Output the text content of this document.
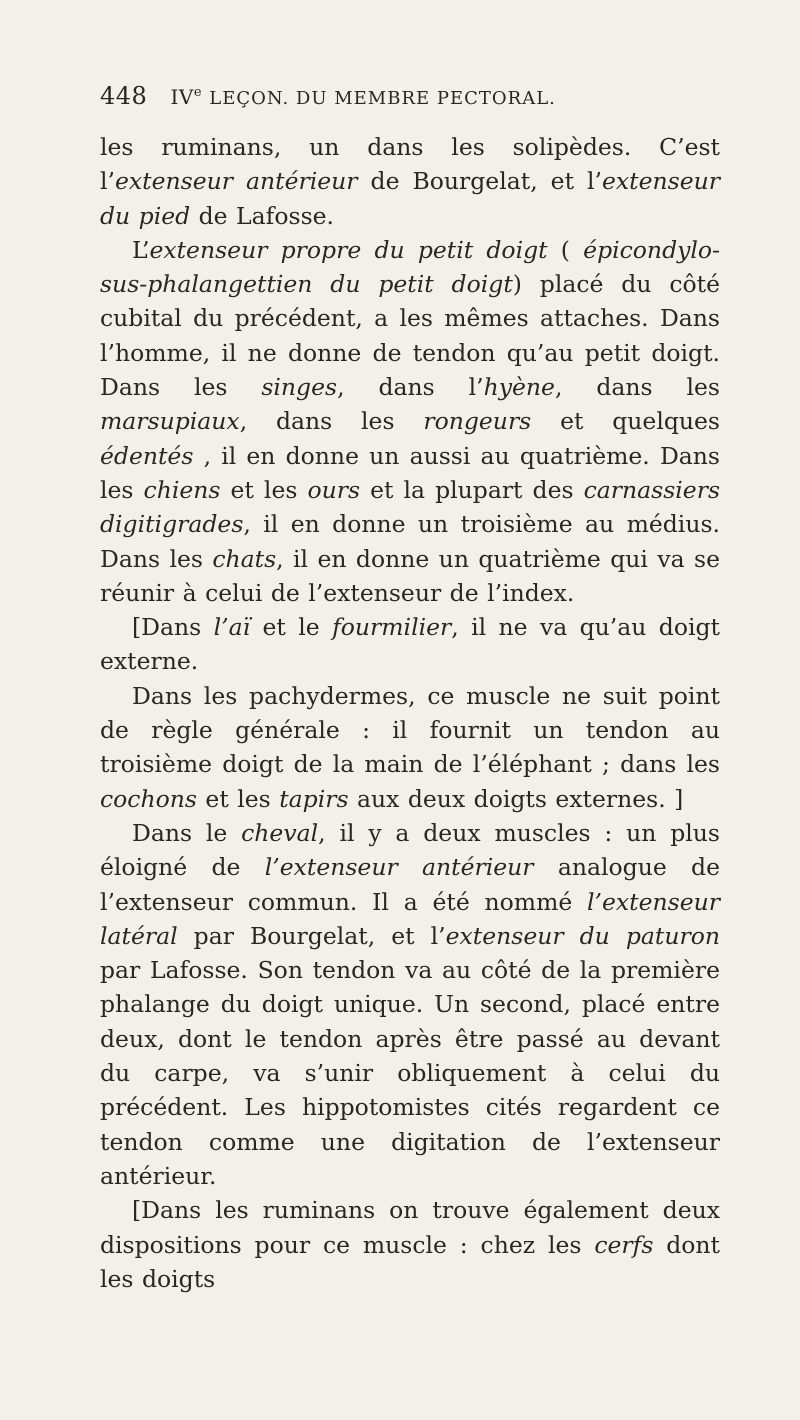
448 IVe LEÇON. DU MEMBRE PECTORAL.

les ruminans, un dans les solipèdes. C’est l’extenseur antérieur de Bourgelat, et l’extenseur du pied de Lafosse.

L’extenseur propre du petit doigt ( épicondylo-sus-phalangettien du petit doigt) placé du côté cubital du précédent, a les mêmes attaches. Dans l’homme, il ne donne de tendon qu’au petit doigt. Dans les singes, dans l’hyène, dans les marsupiaux, dans les rongeurs et quelques édentés , il en donne un aussi au quatrième. Dans les chiens et les ours et la plupart des carnassiers digitigrades, il en donne un troisième au médius. Dans les chats, il en donne un quatrième qui va se réunir à celui de l’extenseur de l’index.

[Dans l’aï et le fourmilier, il ne va qu’au doigt externe.

Dans les pachydermes, ce muscle ne suit point de règle générale : il fournit un tendon au troisième doigt de la main de l’éléphant ; dans les cochons et les tapirs aux deux doigts externes. ]

Dans le cheval, il y a deux muscles : un plus éloigné de l’extenseur antérieur analogue de l’extenseur commun. Il a été nommé l’extenseur latéral par Bourgelat, et l’extenseur du paturon par Lafosse. Son tendon va au côté de la première phalange du doigt unique. Un second, placé entre deux, dont le tendon après être passé au devant du carpe, va s’unir obliquement à celui du précédent. Les hippotomistes cités regardent ce tendon comme une digitation de l’extenseur antérieur.

[Dans les ruminans on trouve également deux dispositions pour ce muscle : chez les cerfs dont les doigts
